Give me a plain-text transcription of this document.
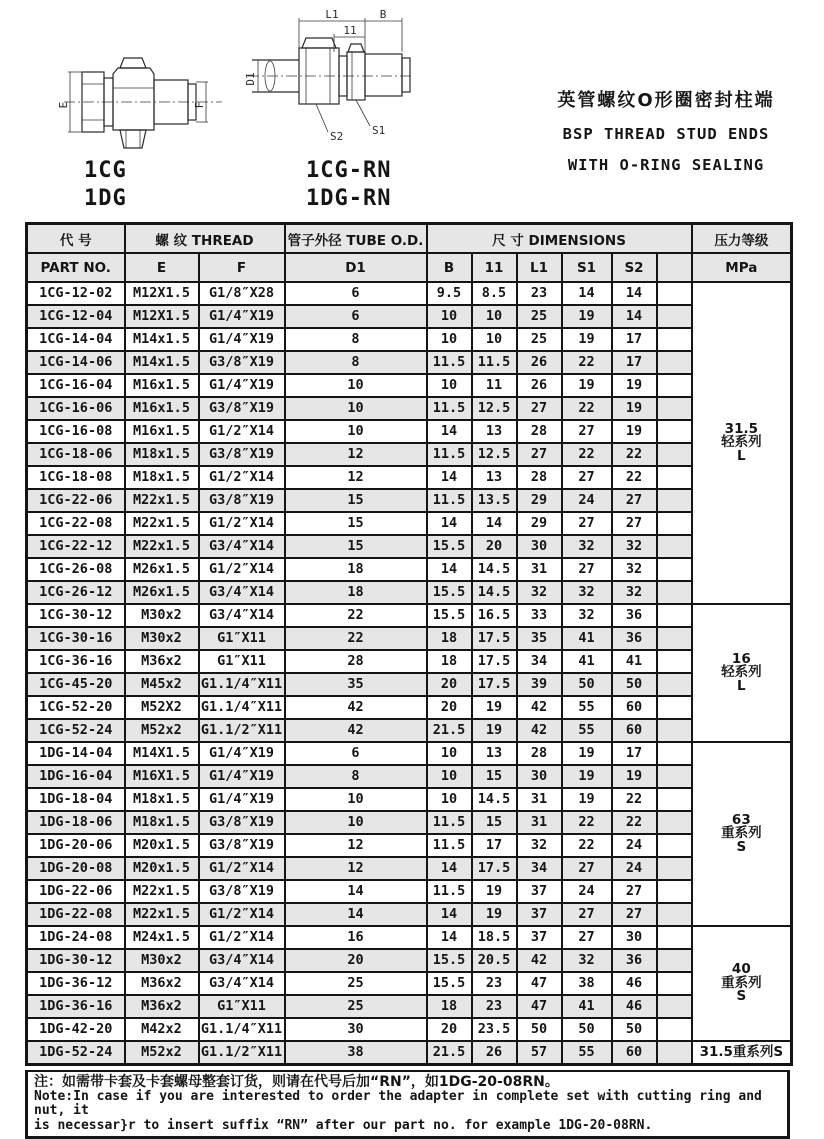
E	F
1CG
1DG
L1	B
11
D1
S2	S1
1CG-RN
1DG-RN
英管螺纹O形圈密封柱端
BSP THREAD STUD ENDS
WITH O-RING SEALING
代 号	螺 纹 THREAD		管子外径 TUBE O.D.	尺 寸 DIMENSIONS						压力等级
PART NO.	E	F	D1	B	11	L1	S1	S2		MPa
1CG-12-02	M12X1.5	G1/8″X28	6	9.5	8.5	23	14	14		31.5
轻系列
L
1CG-12-04	M12X1.5	G1/4″X19	6	10	10	25	19	14		
1CG-14-04	M14x1.5	G1/4″X19	8	10	10	25	19	17		
1CG-14-06	M14x1.5	G3/8″X19	8	11.5	11.5	26	22	17		
1CG-16-04	M16x1.5	G1/4″X19	10	10	11	26	19	19		
1CG-16-06	M16x1.5	G3/8″X19	10	11.5	12.5	27	22	19		
1CG-16-08	M16x1.5	G1/2″X14	10	14	13	28	27	19		
1CG-18-06	M18x1.5	G3/8″X19	12	11.5	12.5	27	22	22		
1CG-18-08	M18x1.5	G1/2″X14	12	14	13	28	27	22		
1CG-22-06	M22x1.5	G3/8″X19	15	11.5	13.5	29	24	27		
1CG-22-08	M22x1.5	G1/2″X14	15	14	14	29	27	27		
1CG-22-12	M22x1.5	G3/4″X14	15	15.5	20	30	32	32		
1CG-26-08	M26x1.5	G1/2″X14	18	14	14.5	31	27	32		
1CG-26-12	M26x1.5	G3/4″X14	18	15.5	14.5	32	32	32		
1CG-30-12	M30x2	G3/4″X14	22	15.5	16.5	33	32	36		16
轻系列
L
1CG-30-16	M30x2	G1″X11	22	18	17.5	35	41	36		
1CG-36-16	M36x2	G1″X11	28	18	17.5	34	41	41		
1CG-45-20	M45x2	G1.1/4″X11	35	20	17.5	39	50	50		
1CG-52-20	M52X2	G1.1/4″X11	42	20	19	42	55	60		
1CG-52-24	M52x2	G1.1/2″X11	42	21.5	19	42	55	60		
1DG-14-04	M14X1.5	G1/4″X19	6	10	13	28	19	17		63
重系列
S
1DG-16-04	M16X1.5	G1/4″X19	8	10	15	30	19	19		
1DG-18-04	M18x1.5	G1/4″X19	10	10	14.5	31	19	22		
1DG-18-06	M18x1.5	G3/8″X19	10	11.5	15	31	22	22		
1DG-20-06	M20x1.5	G3/8″X19	12	11.5	17	32	22	24		
1DG-20-08	M20x1.5	G1/2″X14	12	14	17.5	34	27	24		
1DG-22-06	M22x1.5	G3/8″X19	14	11.5	19	37	24	27		
1DG-22-08	M22x1.5	G1/2″X14	14	14	19	37	27	27		
1DG-24-08	M24x1.5	G1/2″X14	16	14	18.5	37	27	30		40
重系列
S
1DG-30-12	M30x2	G3/4″X14	20	15.5	20.5	42	32	36		
1DG-36-12	M36x2	G3/4″X14	25	15.5	23	47	38	46		
1DG-36-16	M36x2	G1″X11	25	18	23	47	41	46		
1DG-42-20	M42x2	G1.1/4″X11	30	20	23.5	50	50	50		
1DG-52-24	M52x2	G1.1/2″X11	38	21.5	26	57	55	60		31.5重系列S
注：如需带卡套及卡套螺母整套订货，则请在代号后加“RN”，如1DG-20-08RN。
Note:In case if you are interested to order the adapter in complete set with cutting ring and nut, it
is necessar}r to insert suffix “RN” after our part no. for example 1DG-20-08RN.
